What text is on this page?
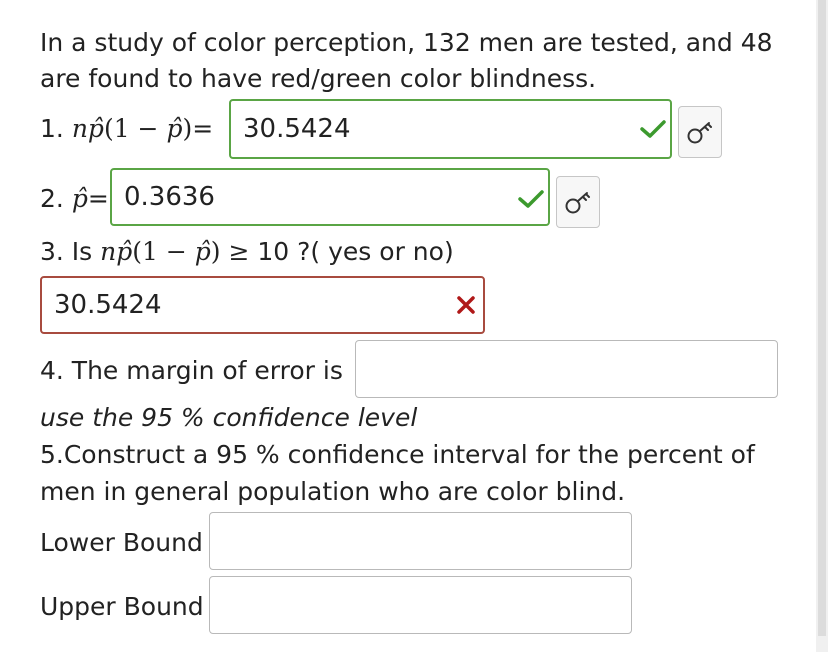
In a study of color perception, 132 men are tested, and 48
are found to have red/green color blindness.
1. np̂(1 − p̂)= 30.5424
2. p̂= 0.3636
3. Is np̂(1 − p̂) ≥ 10 ?( yes or no)
30.5424
4. The margin of error is
use the 95 % confidence level
5.Construct a 95 % confidence interval for the percent of
men in general population who are color blind.
Lower Bound
Upper Bound
